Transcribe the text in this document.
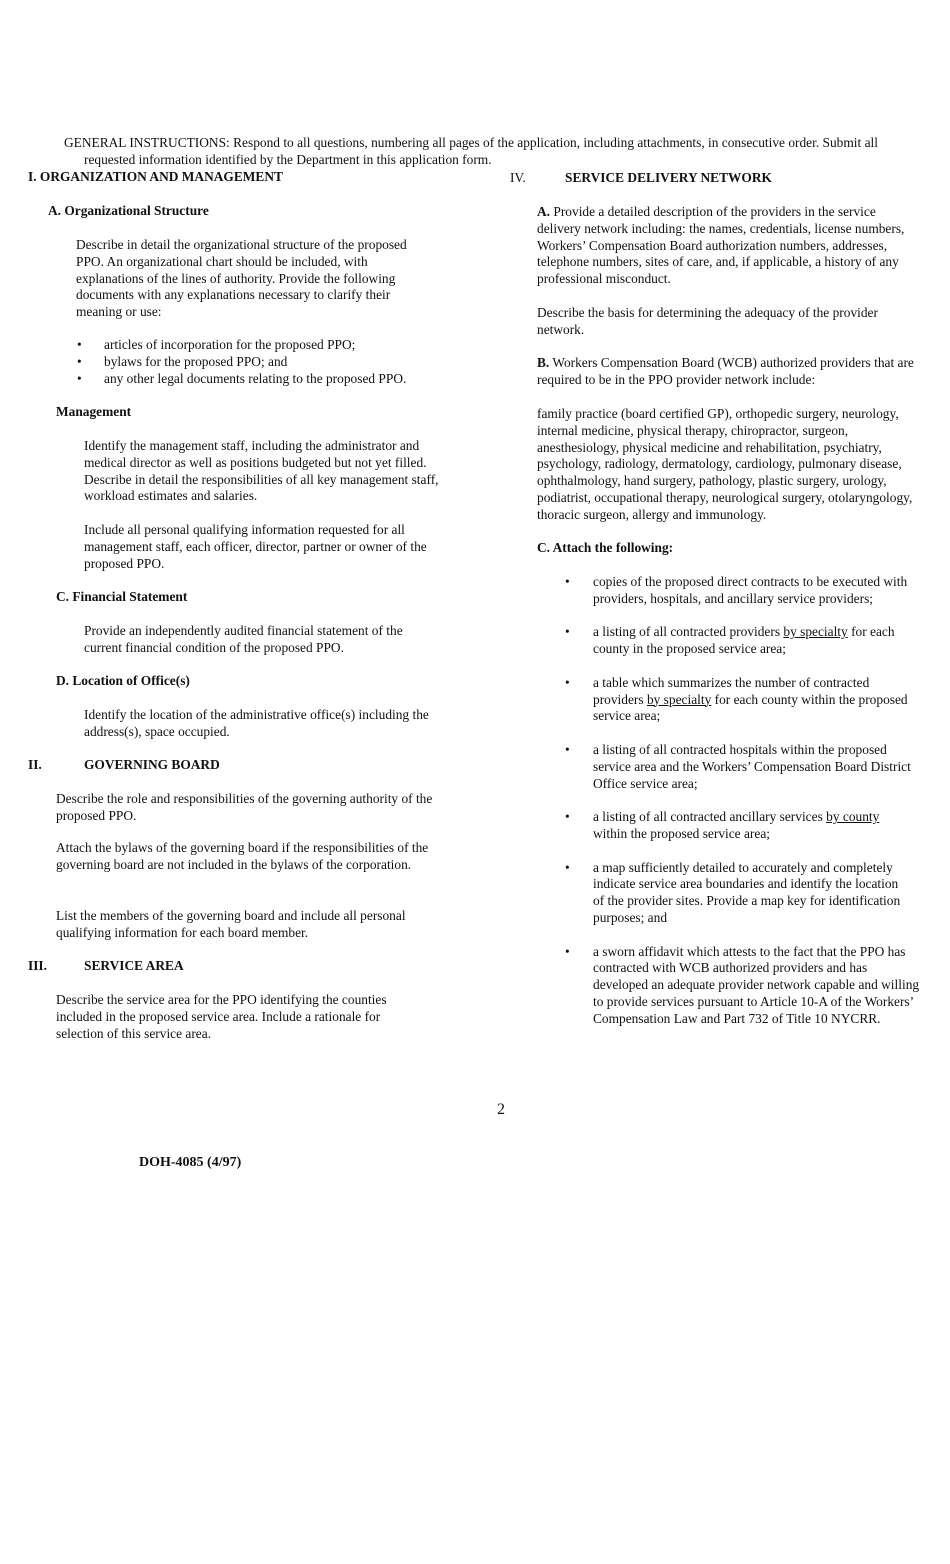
GENERAL INSTRUCTIONS: Respond to all questions, numbering all pages of the application, including attachments, in consecutive order. Submit all
requested information identified by the Department in this application form.
I. ORGANIZATION AND MANAGEMENT
A. Organizational Structure

Describe in detail the organizational structure of the proposed PPO. An organizational chart should be included, with explanations of the lines of authority. Provide the following documents with any explanations necessary to clarify their meaning or use:

• articles of incorporation for the proposed PPO;
• bylaws for the proposed PPO; and
• any other legal documents relating to the proposed PPO.
Management

Identify the management staff, including the administrator and medical director as well as positions budgeted but not yet filled. Describe in detail the responsibilities of all key management staff, workload estimates and salaries.

Include all personal qualifying information requested for all management staff, each officer, director, partner or owner of the proposed PPO.

C. Financial Statement

Provide an independently audited financial statement of the current financial condition of the proposed PPO.

D. Location of Office(s)

Identify the location of the administrative office(s) including the address(s), space occupied.

II.	GOVERNING BOARD

Describe the role and responsibilities of the governing authority of the proposed PPO.

Attach the bylaws of the governing board if the responsibilities of the governing board are not included in the bylaws of the corporation.

List the members of the governing board and include all personal qualifying information for each board member.

III.	SERVICE AREA

Describe the service area for the PPO identifying the counties included in the proposed service area. Include a rationale for selection of this service area.

IV.	SERVICE DELIVERY NETWORK

A. Provide a detailed description of the providers in the service delivery network including: the names, credentials, license numbers, Workers’ Compensation Board authorization numbers, addresses, telephone numbers, sites of care, and, if applicable, a history of any professional misconduct.

Describe the basis for determining the adequacy of the provider network.

B. Workers Compensation Board (WCB) authorized providers that are required to be in the PPO provider network include:

family practice (board certified GP), orthopedic surgery, neurology, internal medicine, physical therapy, chiropractor, surgeon, anesthesiology, physical medicine and rehabilitation, psychiatry, psychology, radiology, dermatology, cardiology, pulmonary disease, ophthalmology, hand surgery, pathology, plastic surgery, urology, podiatrist, occupational therapy, neurological surgery, otolaryngology, thoracic surgeon, allergy and immunology.

C. Attach the following:
• copies of the proposed direct contracts to be executed with providers, hospitals, and ancillary service providers;
• a listing of all contracted providers by specialty for each county in the proposed service area;
• a table which summarizes the number of contracted providers by specialty for each county within the proposed service area;
• a listing of all contracted hospitals within the proposed service area and the Workers’ Compensation Board District Office service area;
• a listing of all contracted ancillary services by county within the proposed service area;
• a map sufficiently detailed to accurately and completely indicate service area boundaries and identify the location of the provider sites. Provide a map key for identification purposes; and
• a sworn affidavit which attests to the fact that the PPO has contracted with WCB authorized providers and has developed an adequate provider network capable and willing to provide services pursuant to Article 10-A of the Workers’ Compensation Law and Part 732 of Title 10 NYCRR.
2
DOH-4085 (4/97)
